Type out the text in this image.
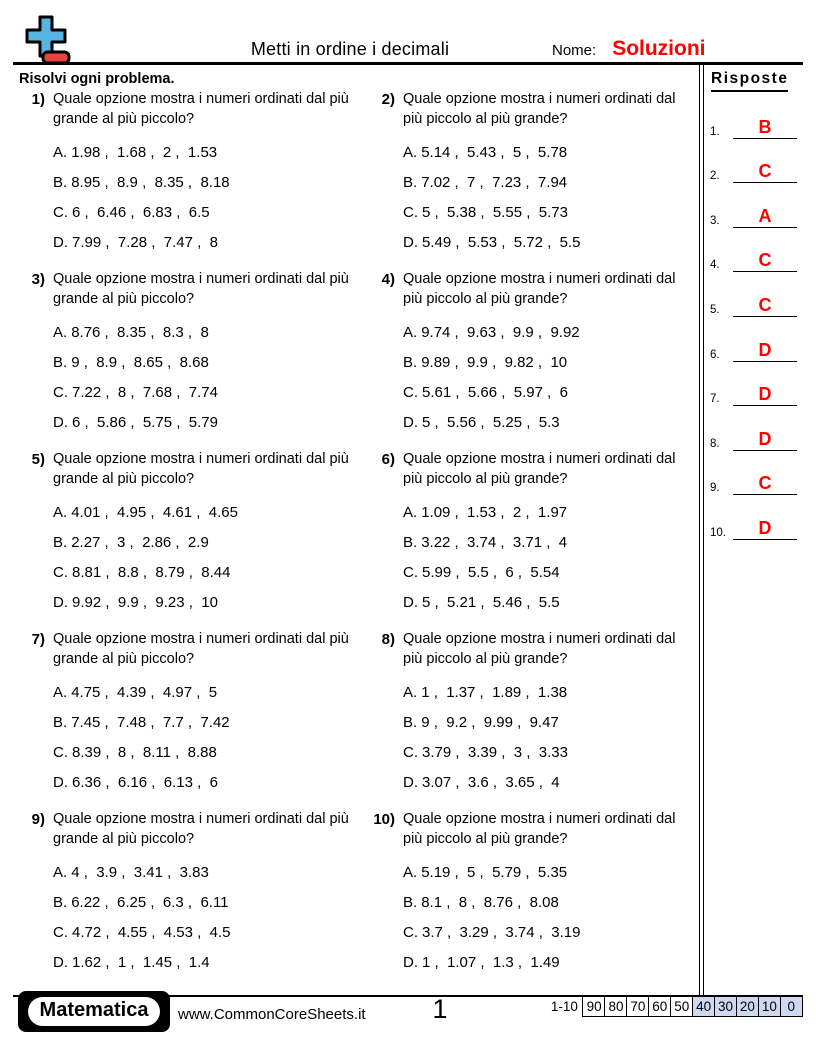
Metti in ordine i decimali	Nome: Soluzioni
Risolvi ogni problema.
1) Quale opzione mostra i numeri ordinati dal più grande al più piccolo?
A. 1.98 ,  1.68 ,  2 ,  1.53
B. 8.95 ,  8.9 ,  8.35 ,  8.18
C. 6 ,  6.46 ,  6.83 ,  6.5
D. 7.99 ,  7.28 ,  7.47 ,  8
2) Quale opzione mostra i numeri ordinati dal più piccolo al più grande?
A. 5.14 ,  5.43 ,  5 ,  5.78
B. 7.02 ,  7 ,  7.23 ,  7.94
C. 5 ,  5.38 ,  5.55 ,  5.73
D. 5.49 ,  5.53 ,  5.72 ,  5.5
3) Quale opzione mostra i numeri ordinati dal più grande al più piccolo?
A. 8.76 ,  8.35 ,  8.3 ,  8
B. 9 ,  8.9 ,  8.65 ,  8.68
C. 7.22 ,  8 ,  7.68 ,  7.74
D. 6 ,  5.86 ,  5.75 ,  5.79
4) Quale opzione mostra i numeri ordinati dal più piccolo al più grande?
A. 9.74 ,  9.63 ,  9.9 ,  9.92
B. 9.89 ,  9.9 ,  9.82 ,  10
C. 5.61 ,  5.66 ,  5.97 ,  6
D. 5 ,  5.56 ,  5.25 ,  5.3
5) Quale opzione mostra i numeri ordinati dal più grande al più piccolo?
A. 4.01 ,  4.95 ,  4.61 ,  4.65
B. 2.27 ,  3 ,  2.86 ,  2.9
C. 8.81 ,  8.8 ,  8.79 ,  8.44
D. 9.92 ,  9.9 ,  9.23 ,  10
6) Quale opzione mostra i numeri ordinati dal più piccolo al più grande?
A. 1.09 ,  1.53 ,  2 ,  1.97
B. 3.22 ,  3.74 ,  3.71 ,  4
C. 5.99 ,  5.5 ,  6 ,  5.54
D. 5 ,  5.21 ,  5.46 ,  5.5
7) Quale opzione mostra i numeri ordinati dal più grande al più piccolo?
A. 4.75 ,  4.39 ,  4.97 ,  5
B. 7.45 ,  7.48 ,  7.7 ,  7.42
C. 8.39 ,  8 ,  8.11 ,  8.88
D. 6.36 ,  6.16 ,  6.13 ,  6
8) Quale opzione mostra i numeri ordinati dal più piccolo al più grande?
A. 1 ,  1.37 ,  1.89 ,  1.38
B. 9 ,  9.2 ,  9.99 ,  9.47
C. 3.79 ,  3.39 ,  3 ,  3.33
D. 3.07 ,  3.6 ,  3.65 ,  4
9) Quale opzione mostra i numeri ordinati dal più grande al più piccolo?
A. 4 ,  3.9 ,  3.41 ,  3.83
B. 6.22 ,  6.25 ,  6.3 ,  6.11
C. 4.72 ,  4.55 ,  4.53 ,  4.5
D. 1.62 ,  1 ,  1.45 ,  1.4
10) Quale opzione mostra i numeri ordinati dal più piccolo al più grande?
A. 5.19 ,  5 ,  5.79 ,  5.35
B. 8.1 ,  8 ,  8.76 ,  8.08
C. 3.7 ,  3.29 ,  3.74 ,  3.19
D. 1 ,  1.07 ,  1.3 ,  1.49
Risposte
1.	B
2.	C
3.	A
4.	C
5.	C
6.	D
7.	D
8.	D
9.	C
10.	D
Matematica	www.CommonCoreSheets.it	1	1-10 90 80 70 60 50 40 30 20 10 0
